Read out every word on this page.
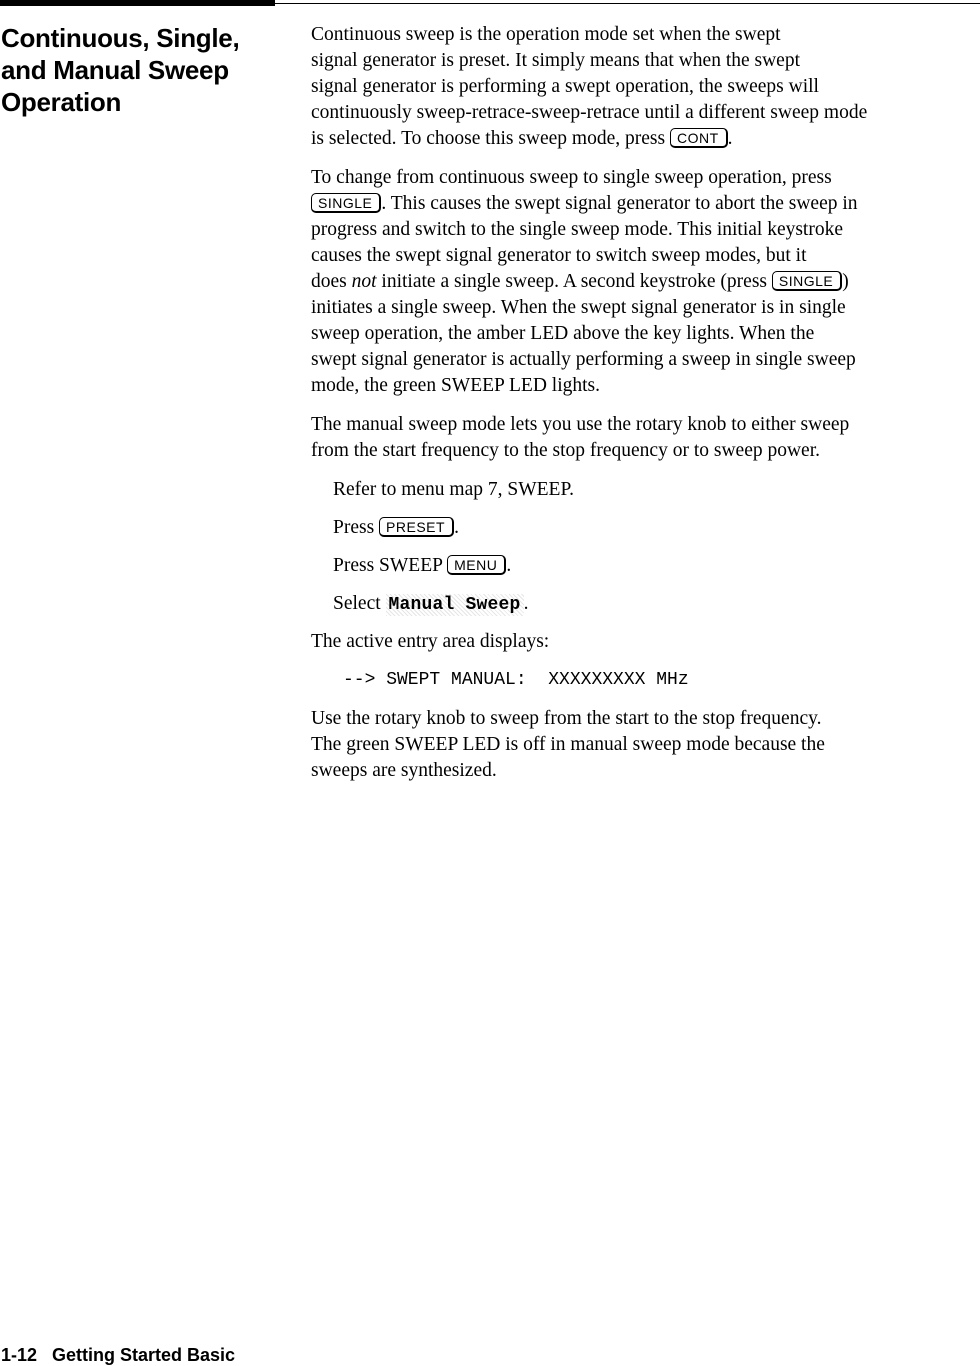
Continuous, Single,
and Manual Sweep
Operation

Continuous sweep is the operation mode set when the swept
signal generator is preset. It simply means that when the swept
signal generator is performing a swept operation, the sweeps will
continuously sweep-retrace-sweep-retrace until a different sweep mode
is selected. To choose this sweep mode, press CONT .

To change from continuous sweep to single sweep operation, press
SINGLE . This causes the swept signal generator to abort the sweep in
progress and switch to the single sweep mode. This initial keystroke
causes the swept signal generator to switch sweep modes, but it
does not initiate a single sweep. A second keystroke (press SINGLE )
initiates a single sweep. When the swept signal generator is in single
sweep operation, the amber LED above the key lights. When the
swept signal generator is actually performing a sweep in single sweep
mode, the green SWEEP LED lights.

The manual sweep mode lets you use the rotary knob to either sweep
from the start frequency to the stop frequency or to sweep power.

Refer to menu map 7, SWEEP.
Press PRESET .
Press SWEEP MENU .
Select Manual Sweep .

The active entry area displays:

--> SWEPT MANUAL:  XXXXXXXXX MHz

Use the rotary knob to sweep from the start to the stop frequency.
The green SWEEP LED is off in manual sweep mode because the
sweeps are synthesized.

1-12   Getting Started Basic
